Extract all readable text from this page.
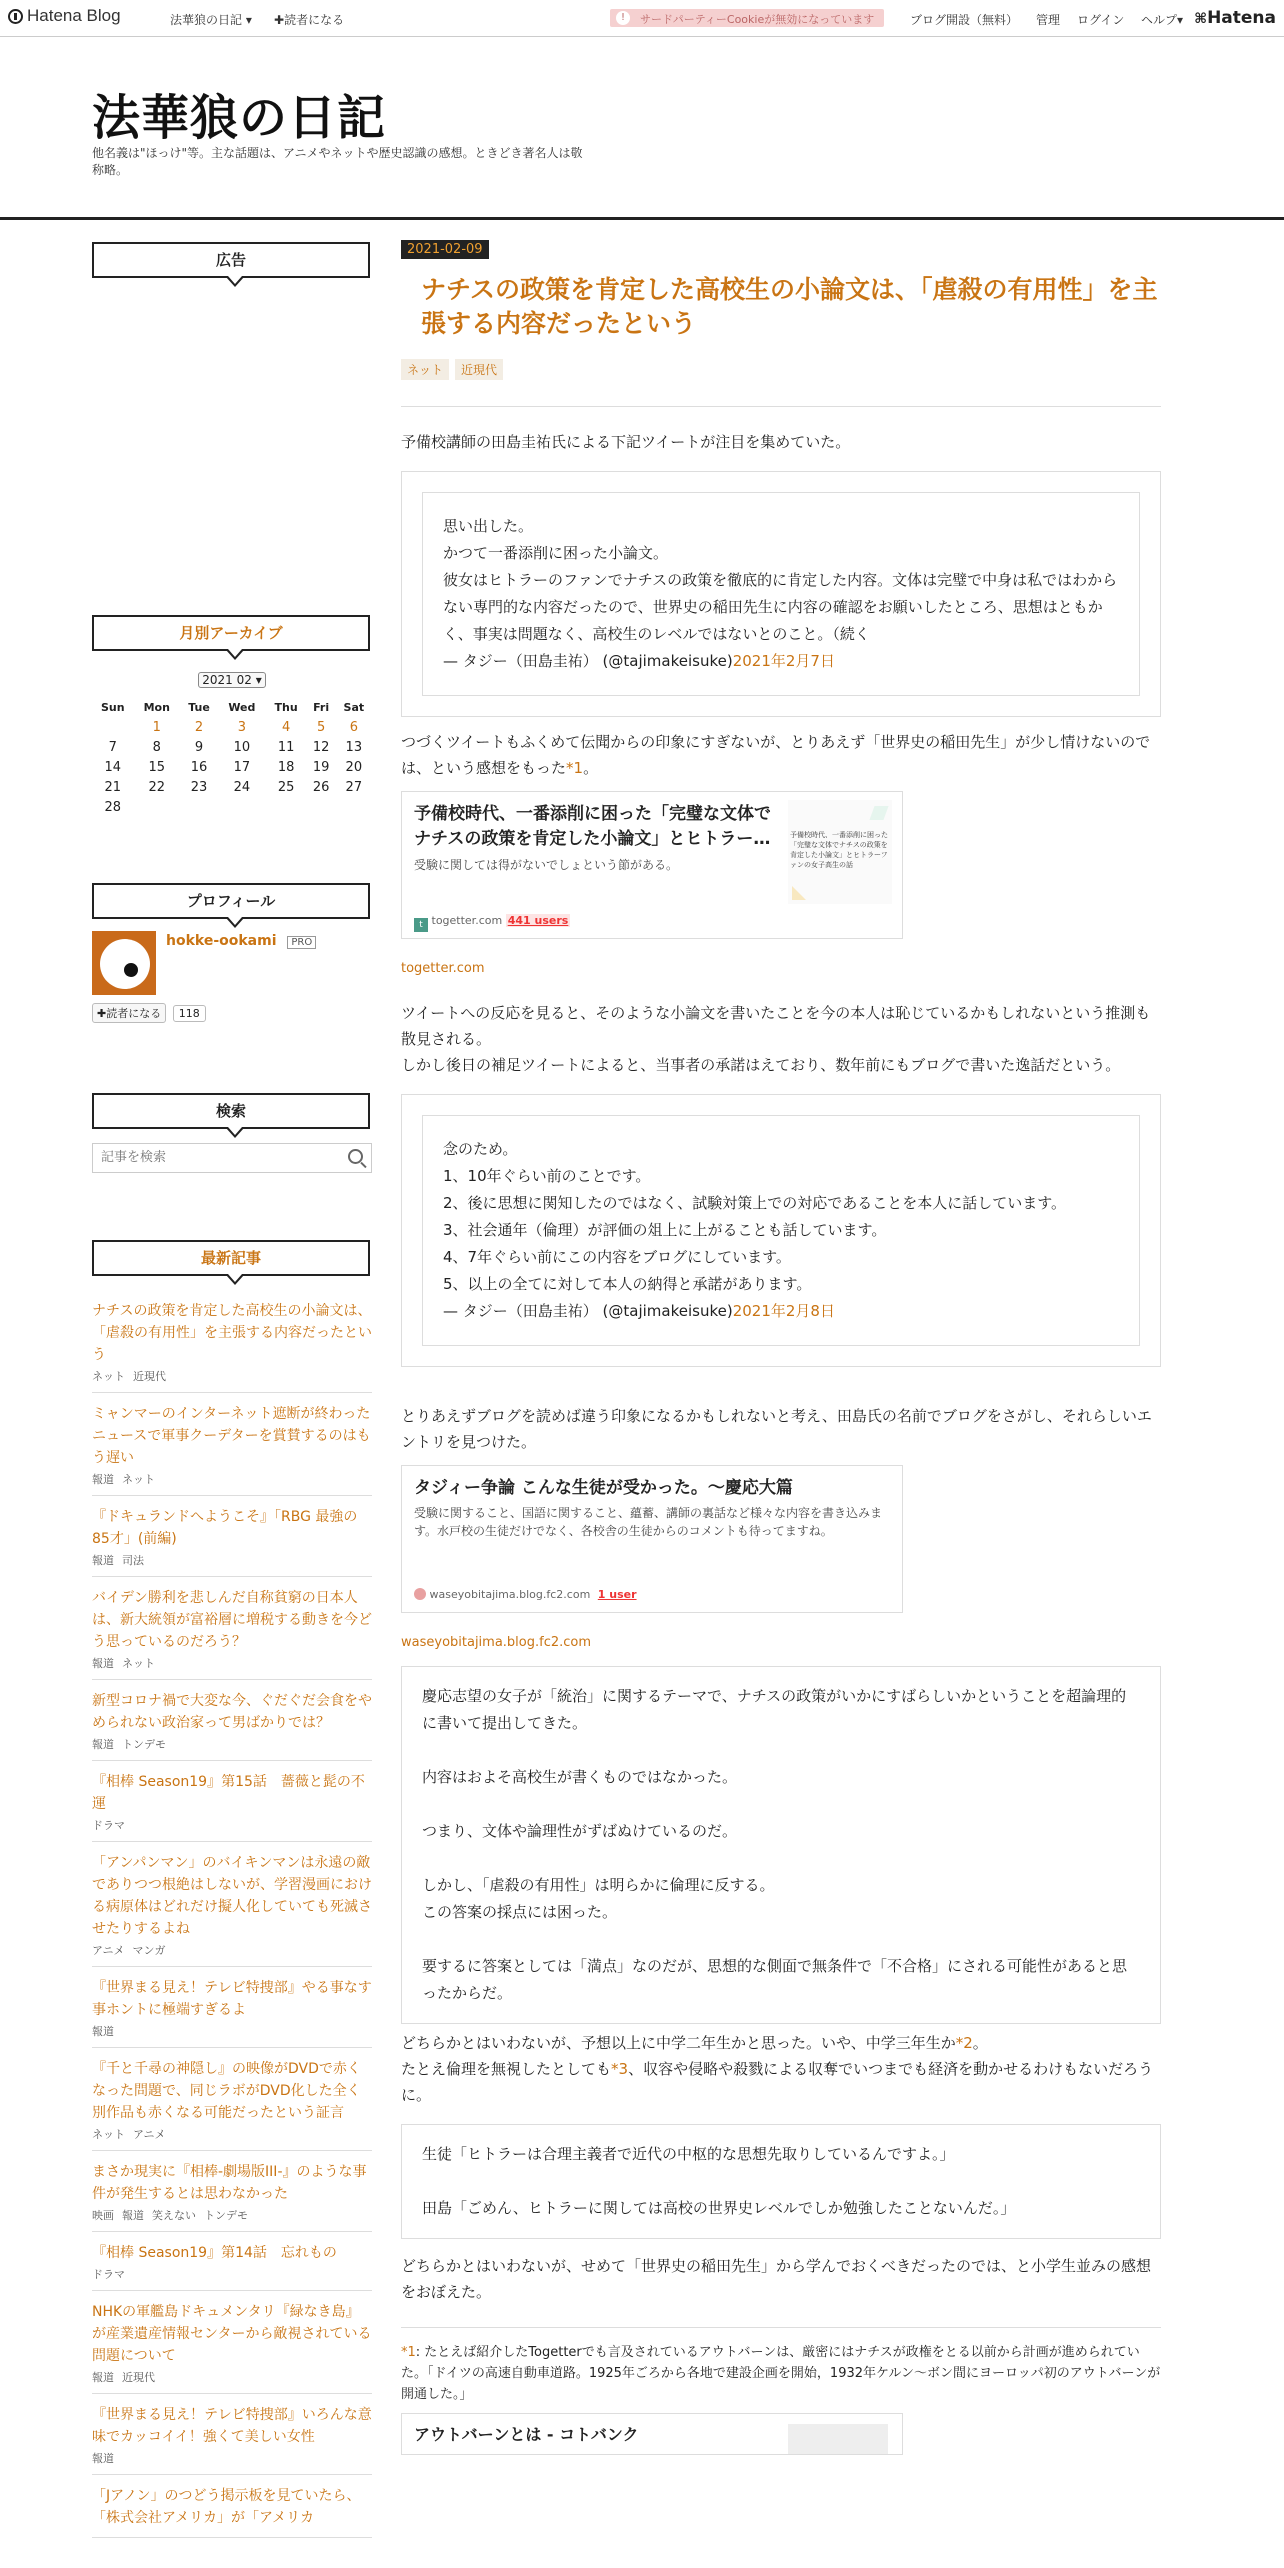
Hatena Blog	法華狼の日記 ▾ ✚読者になる	!	サードパーティーCookieが無効になっています	ブログ開設（無料） 管理 ログイン ヘルプ▾ ⌘Hatena
法華狼の日記
他名義は"ほっけ"等。主な話題は、アニメやネットや歴史認識の感想。ときどき著名人は敬称略。
広告
月別アーカイブ
2021 02 ▾
Sun	Mon	Tue	Wed	Thu	Fri	Sat
	1	2	3	4	5	6
7	8	9	10	11	12	13
14	15	16	17	18	19	20
21	22	23	24	25	26	27
28						
プロフィール
hokke-ookami PRO
✚読者になる 118
検索
記事を検索
最新記事
ナチスの政策を肯定した高校生の小論文は、「虐殺の有用性」を主張する内容だったという
ネット 近現代
ミャンマーのインターネット遮断が終わったニュースで軍事クーデターを賞賛するのはもう遅い
報道 ネット
『ドキュランドへようこそ』「RBG 最強の85才」(前編)
報道 司法
バイデン勝利を悲しんだ自称貧窮の日本人は、新大統領が富裕層に増税する動きを今どう思っているのだろう？
報道 ネット
新型コロナ禍で大変な今、ぐだぐだ会食をやめられない政治家って男ばかりでは？
報道 トンデモ
『相棒 Season19』第15話　薔薇と髭の不運
ドラマ
「アンパンマン」のバイキンマンは永遠の敵でありつつ根絶はしないが、学習漫画における病原体はどれだけ擬人化していても死滅させたりするよね
アニメ マンガ
『世界まる見え！テレビ特捜部』やる事なす事ホントに極端すぎるよ
報道
『千と千尋の神隠し』の映像がDVDで赤くなった問題で、同じラボがDVD化した全く別作品も赤くなる可能だったという証言
ネット アニメ
まさか現実に『相棒-劇場版III-』のような事件が発生するとは思わなかった
映画 報道 笑えない トンデモ
『相棒 Season19』第14話　忘れもの
ドラマ
NHKの軍艦島ドキュメンタリ『緑なき島』が産業遺産情報センターから敵視されている問題について
報道 近現代
『世界まる見え！テレビ特捜部』いろんな意味でカッコイイ！強くて美しい女性
報道
「Jアノン」のつどう掲示板を見ていたら、「株式会社アメリカ」が「アメリカ
2021-02-09
ナチスの政策を肯定した高校生の小論文は、「虐殺の有用性」を主張する内容だったという
ネット 近現代

予備校講師の田島圭祐氏による下記ツイートが注目を集めていた。

思い出した。
かつて一番添削に困った小論文。
彼女はヒトラーのファンでナチスの政策を徹底的に肯定した内容。文体は完璧で中身は私ではわからない専門的な内容だったので、世界史の稲田先生に内容の確認をお願いしたところ、思想はともかく、事実は問題なく、高校生のレベルではないとのこと。（続く
— タジー（田島圭祐） (@tajimakeisuke)2021年2月7日

つづくツイートもふくめて伝聞からの印象にすぎないが、とりあえず「世界史の稲田先生」が少し情けないのでは、という感想をもった*1。

予備校時代、一番添削に困った「完璧な文体で ナチスの政策を肯定した小論文」とヒトラー…
受験に関しては得がないでしょという節がある。
予備校時代、一番添削に困った「完璧な文体でナチスの政策を肯定した小論文」とヒトラーファンの女子高生の話
t togetter.com 441 users
togetter.com

ツイートへの反応を見ると、そのような小論文を書いたことを今の本人は恥じているかもしれないという推測も散見される。

しかし後日の補足ツイートによると、当事者の承諾はえており、数年前にもブログで書いた逸話だという。

念のため。
1、10年ぐらい前のことです。
2、後に思想に関知したのではなく、試験対策上での対応であることを本人に話しています。
3、社会通年（倫理）が評価の俎上に上がることも話しています。
4、7年ぐらい前にこの内容をブログにしています。
5、以上の全てに対して本人の納得と承諾があります。
— タジー（田島圭祐） (@tajimakeisuke)2021年2月8日

とりあえずブログを読めば違う印象になるかもしれないと考え、田島氏の名前でブログをさがし、それらしいエントリを見つけた。

タジィー争論 こんな生徒が受かった。～慶応大篇
受験に関すること、国語に関すること、蘊蓄、講師の裏話など様々な内容を書き込みます。水戸校の生徒だけでなく、各校舎の生徒からのコメントも待ってますね。
waseyobitajima.blog.fc2.com 1 user
waseyobitajima.blog.fc2.com

慶応志望の女子が「統治」に関するテーマで、ナチスの政策がいかにすばらしいかということを超論理的に書いて提出してきた。

内容はおよそ高校生が書くものではなかった。

つまり、文体や論理性がずばぬけているのだ。

しかし、「虐殺の有用性」は明らかに倫理に反する。
この答案の採点には困った。

要するに答案としては「満点」なのだが、思想的な側面で無条件で「不合格」にされる可能性があると思ったからだ。

どちらかとはいわないが、予想以上に中学二年生かと思った。いや、中学三年生か*2。

たとえ倫理を無視したとしても*3、収容や侵略や殺戮による収奪でいつまでも経済を動かせるわけもないだろうに。

生徒「ヒトラーは合理主義者で近代の中枢的な思想先取りしているんですよ。」

田島「ごめん、ヒトラーに関しては高校の世界史レベルでしか勉強したことないんだ。」

どちらかとはいわないが、せめて「世界史の稲田先生」から学んでおくべきだったのでは、と小学生並みの感想をおぼえた。

*1: たとえば紹介したTogetterでも言及されているアウトバーンは、厳密にはナチスが政権をとる以前から計画が進められていた。「ドイツの高速自動車道路。1925年ごろから各地で建設企画を開始，1932年ケルン〜ボン間にヨーロッパ初のアウトバーンが開通した。」
アウトバーンとは - コトバンク
